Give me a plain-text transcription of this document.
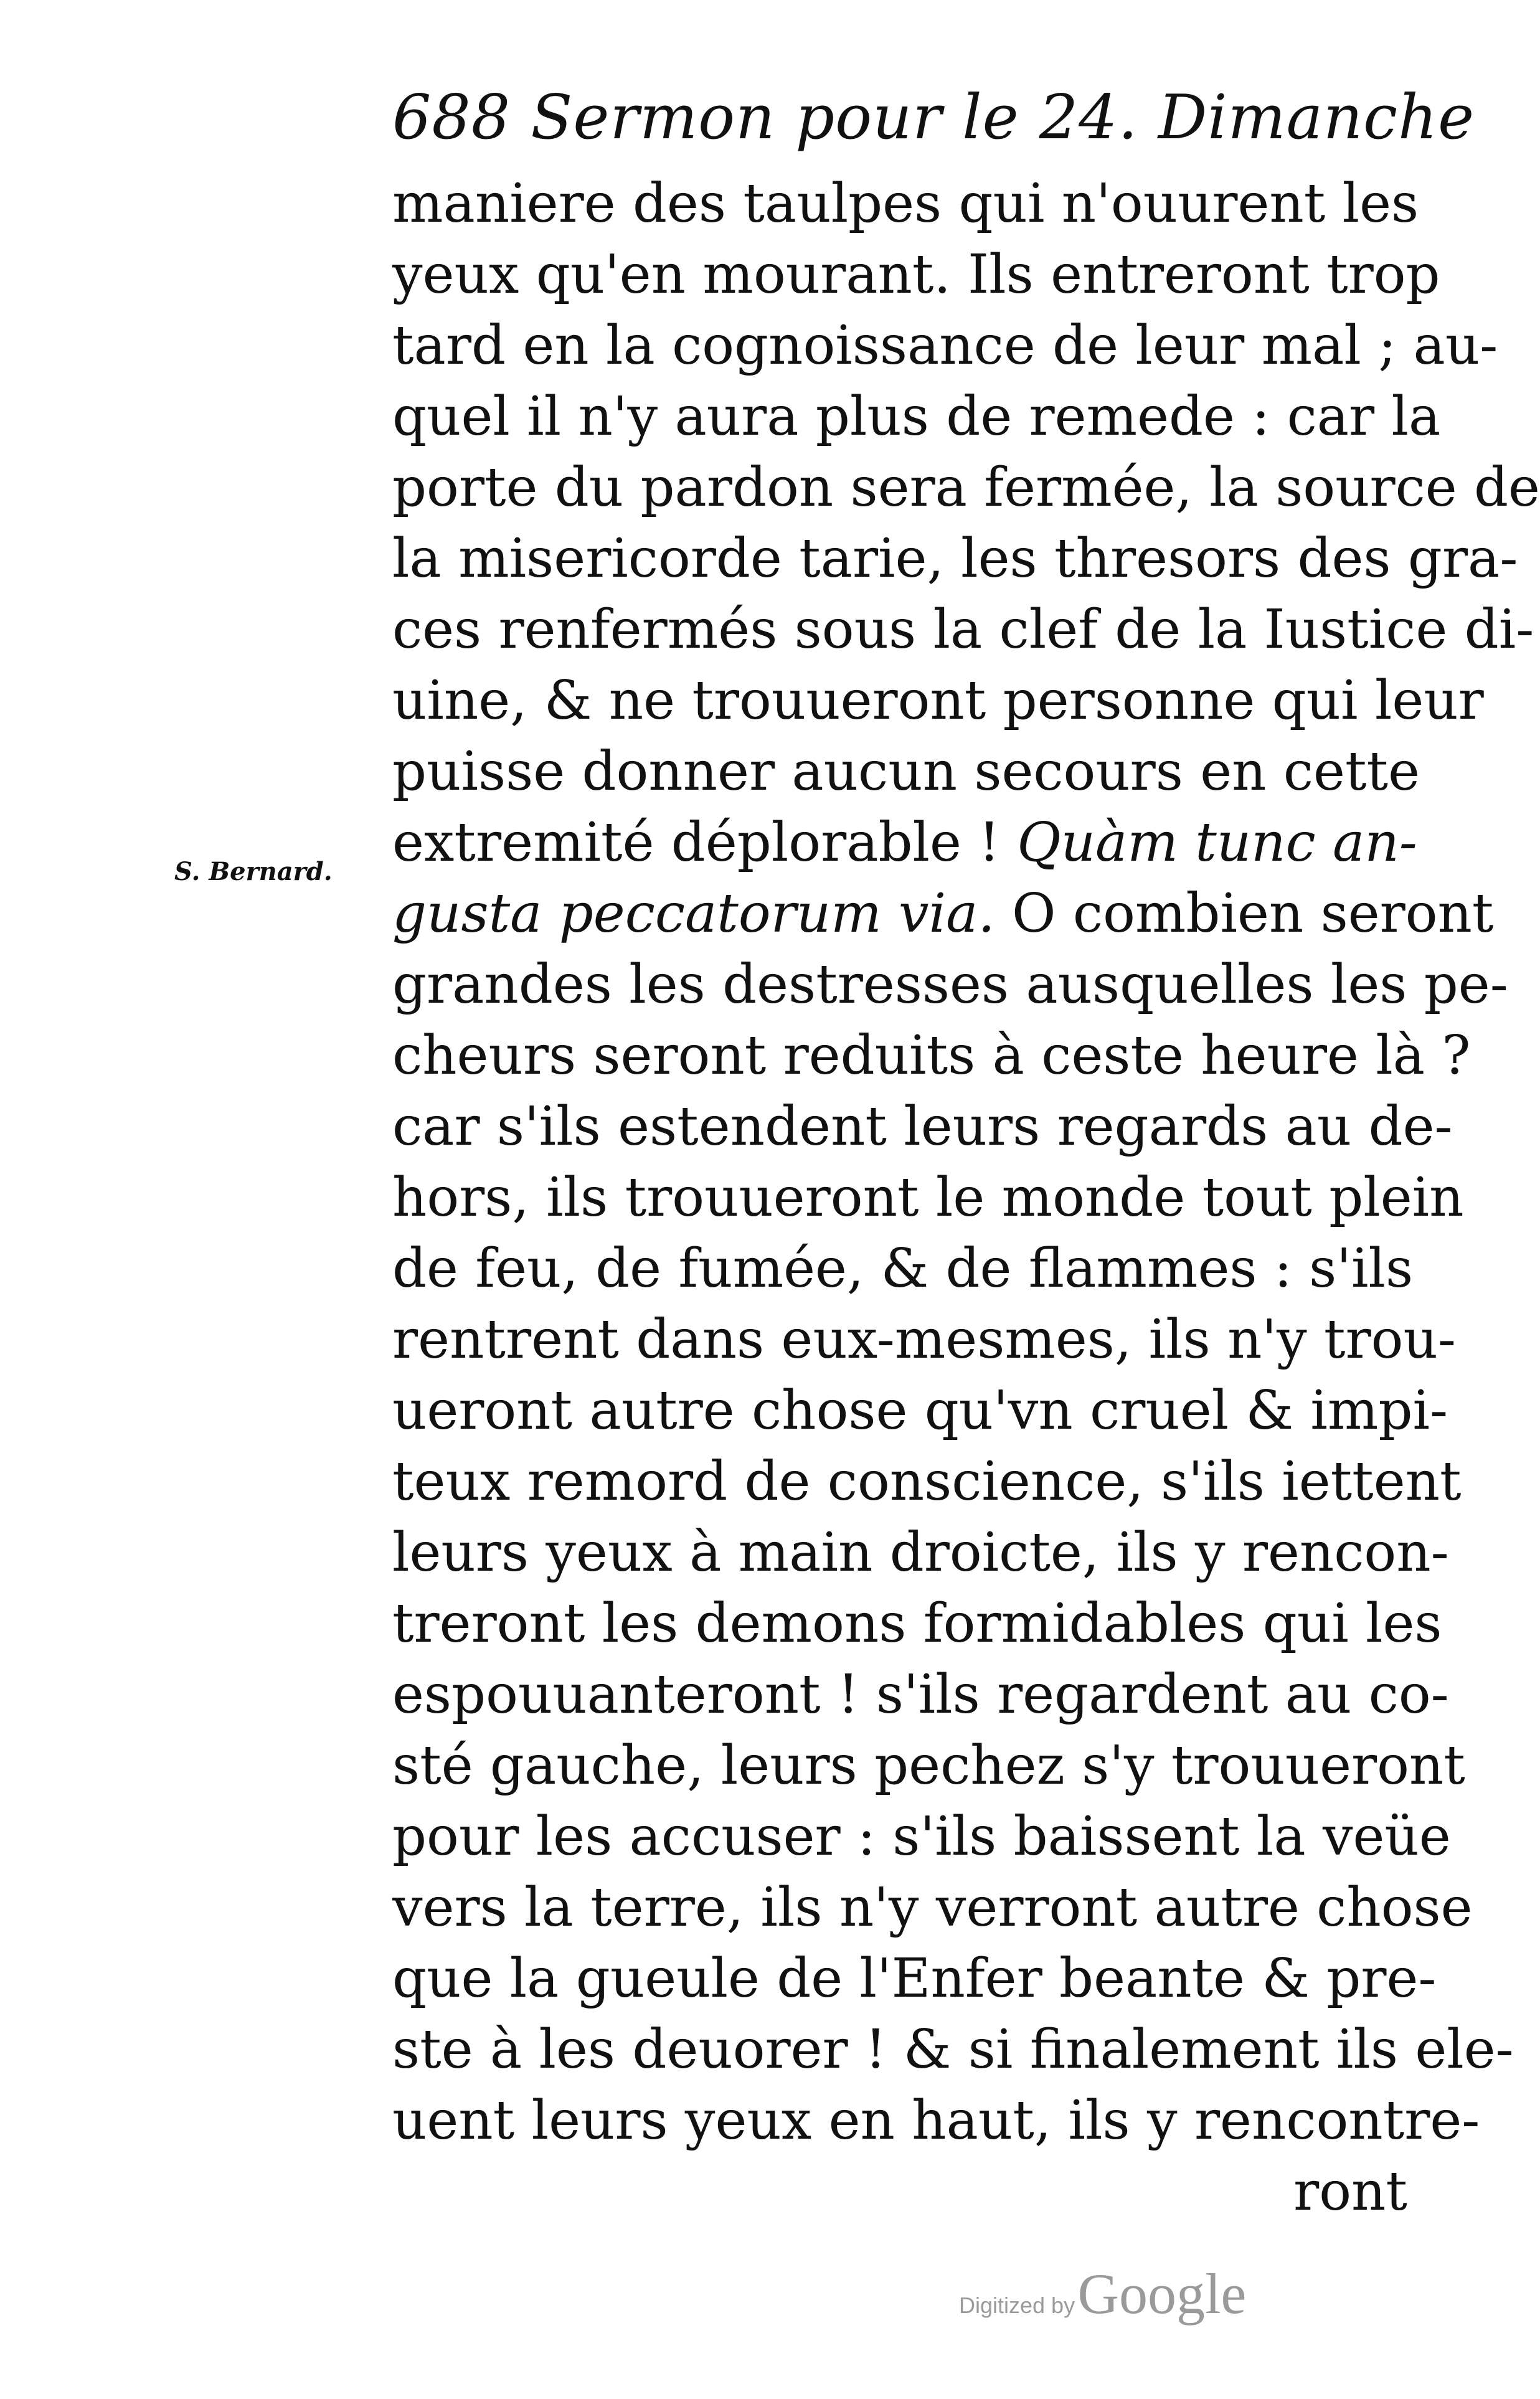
688 Sermon pour le 24. Dimanche
S. Bernard.
maniere des taulpes qui n'ouurent les
yeux qu'en mourant. Ils entreront trop
tard en la cognoissance de leur mal ; au-
quel il n'y aura plus de remede : car la
porte du pardon sera fermée, la source de
la misericorde tarie, les thresors des gra-
ces renfermés sous la clef de la Iustice di-
uine, & ne trouueront personne qui leur
puisse donner aucun secours en cette
extremité déplorable ! Quàm tunc an-
gusta peccatorum via. O combien seront
grandes les destresses ausquelles les pe-
cheurs seront reduits à ceste heure là ?
car s'ils estendent leurs regards au de-
hors, ils trouueront le monde tout plein
de feu, de fumée, & de flammes : s'ils
rentrent dans eux-mesmes, ils n'y trou-
ueront autre chose qu'vn cruel & impi-
teux remord de conscience, s'ils iettent
leurs yeux à main droicte, ils y rencon-
treront les demons formidables qui les
espouuanteront ! s'ils regardent au co-
sté gauche, leurs pechez s'y trouueront
pour les accuser : s'ils baissent la veüe
vers la terre, ils n'y verront autre chose
que la gueule de l'Enfer beante & pre-
ste à les deuorer ! & si finalement ils ele-
uent leurs yeux en haut, ils y rencontre-
ront
Digitized by Google
